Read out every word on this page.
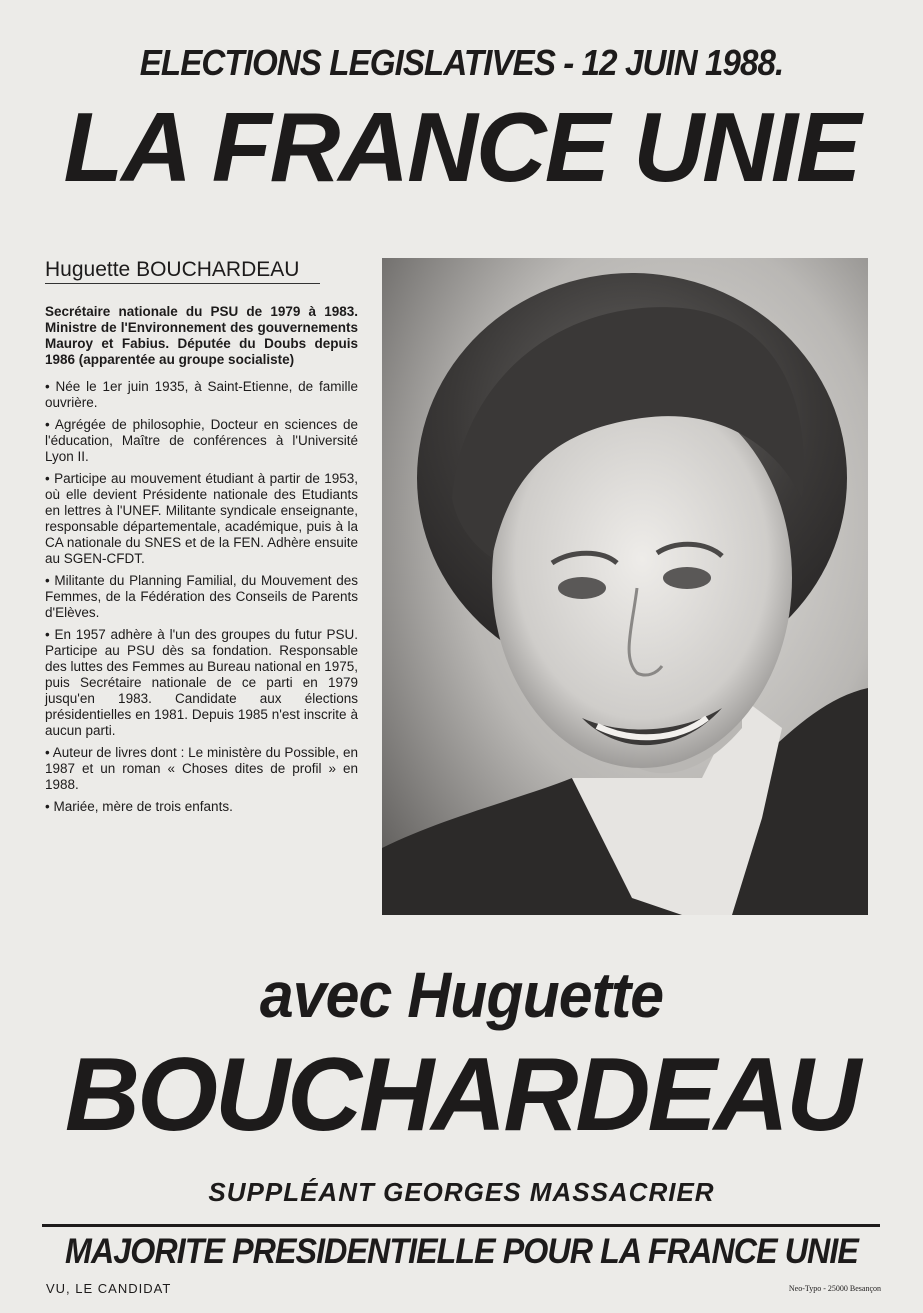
ELECTIONS LEGISLATIVES - 12 JUIN 1988.
LA FRANCE UNIE
Huguette BOUCHARDEAU

Secrétaire nationale du PSU de 1979 à 1983. Ministre de l'Environnement des gouvernements Mauroy et Fabius. Députée du Doubs depuis 1986 (apparentée au groupe socialiste)

• Née le 1er juin 1935, à Saint-Etienne, de famille ouvrière.
• Agrégée de philosophie, Docteur en sciences de l'éducation, Maître de conférences à l'Université Lyon II.
• Participe au mouvement étudiant à partir de 1953, où elle devient Présidente nationale des Etudiants en lettres à l'UNEF. Militante syndicale enseignante, responsable départementale, académique, puis à la CA nationale du SNES et de la FEN. Adhère ensuite au SGEN-CFDT.
• Militante du Planning Familial, du Mouvement des Femmes, de la Fédération des Conseils de Parents d'Elèves.
• En 1957 adhère à l'un des groupes du futur PSU. Participe au PSU dès sa fondation. Responsable des luttes des Femmes au Bureau national en 1975, puis Secrétaire nationale de ce parti en 1979 jusqu'en 1983. Candidate aux élections présidentielles en 1981. Depuis 1985 n'est inscrite à aucun parti.
• Auteur de livres dont : Le ministère du Possible, en 1987 et un roman « Choses dites de profil » en 1988.
• Mariée, mère de trois enfants.
avec Huguette
BOUCHARDEAU
SUPPLÉANT GEORGES MASSACRIER
MAJORITE PRESIDENTIELLE POUR LA FRANCE UNIE
VU, LE CANDIDAT	Neo-Typo - 25000 Besançon
